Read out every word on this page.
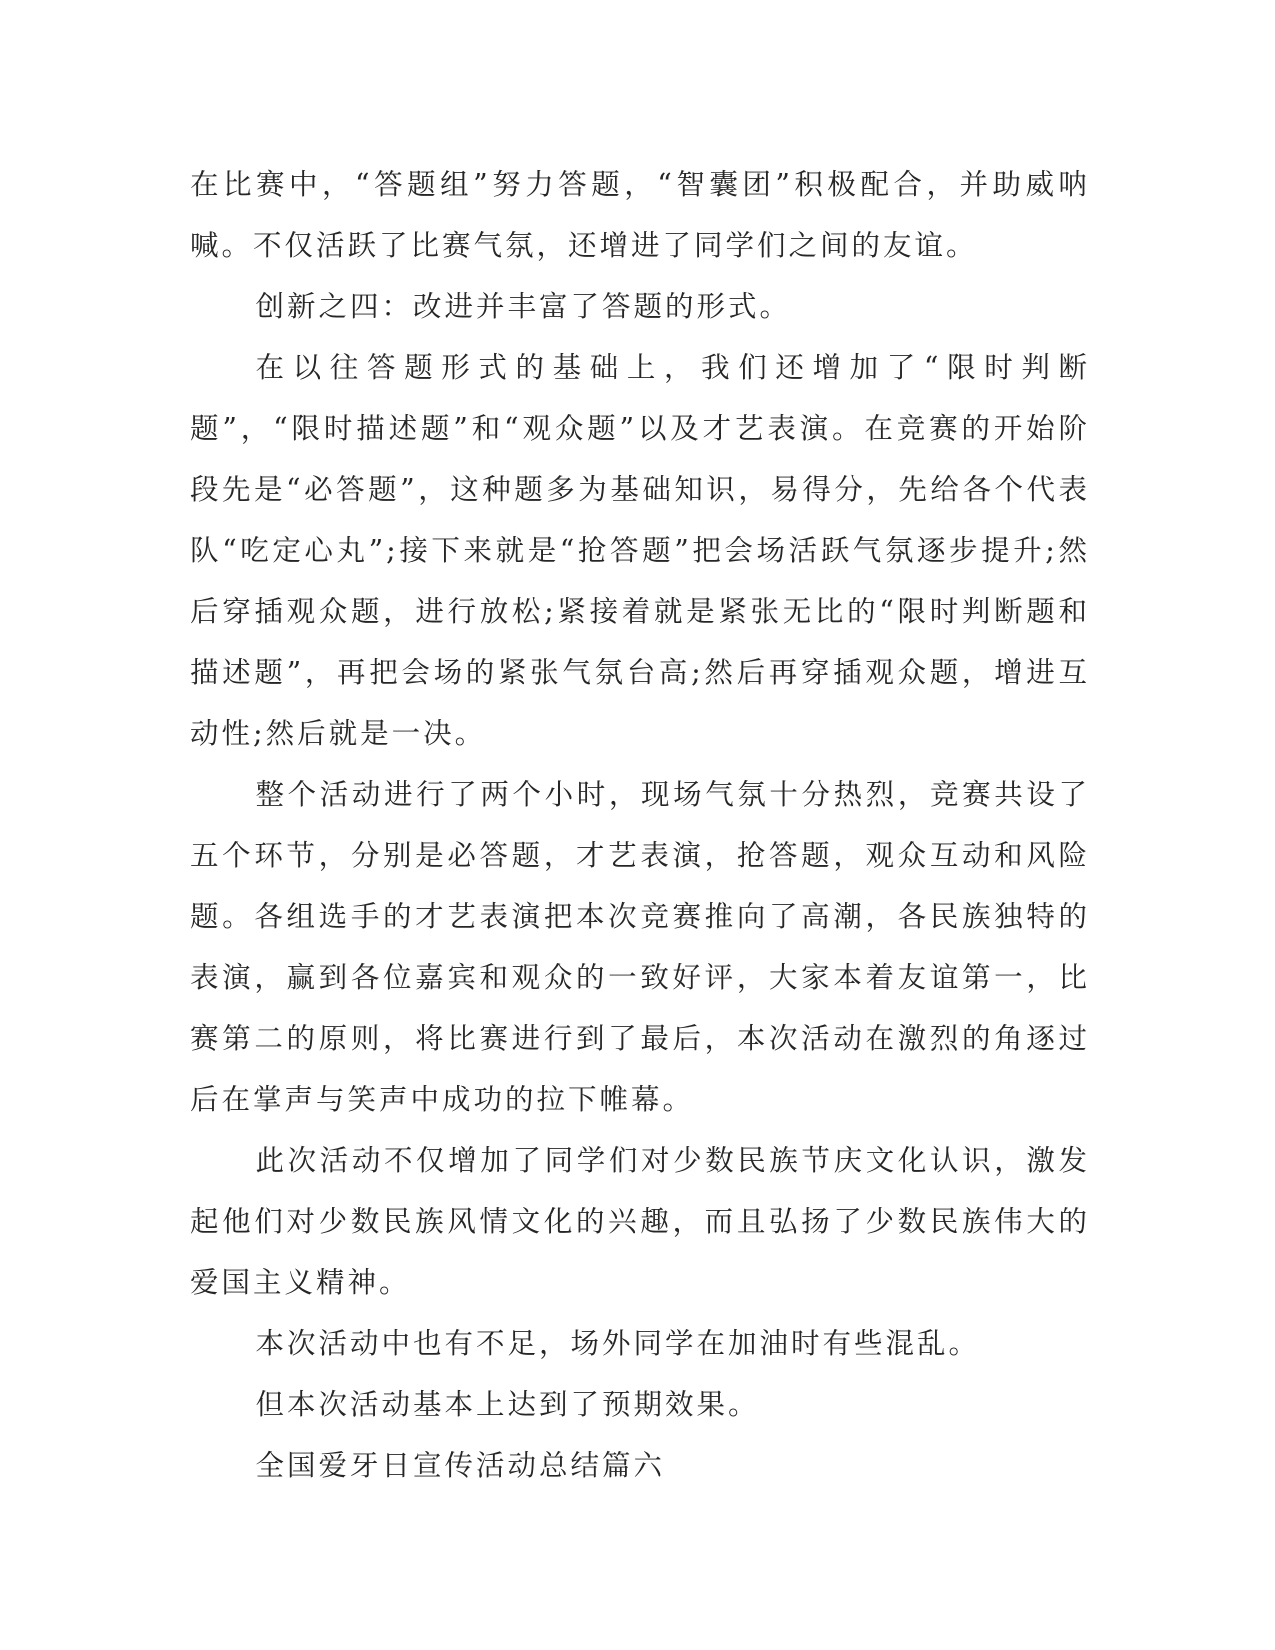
在比赛中，“答题组”努力答题，“智囊团”积极配合，并助威呐喊。不仅活跃了比赛气氛，还增进了同学们之间的友谊。

创新之四：改进并丰富了答题的形式。

在以往答题形式的基础上，我们还增加了“限时判断题”，“限时描述题”和“观众题”以及才艺表演。在竞赛的开始阶段先是“必答题”，这种题多为基础知识，易得分，先给各个代表队“吃定心丸”;接下来就是“抢答题”把会场活跃气氛逐步提升;然后穿插观众题，进行放松;紧接着就是紧张无比的“限时判断题和描述题”，再把会场的紧张气氛台高;然后再穿插观众题，增进互动性;然后就是一决。

整个活动进行了两个小时，现场气氛十分热烈，竞赛共设了五个环节，分别是必答题，才艺表演，抢答题，观众互动和风险题。各组选手的才艺表演把本次竞赛推向了高潮，各民族独特的表演，赢到各位嘉宾和观众的一致好评，大家本着友谊第一，比赛第二的原则，将比赛进行到了最后，本次活动在激烈的角逐过后在掌声与笑声中成功的拉下帷幕。

此次活动不仅增加了同学们对少数民族节庆文化认识，激发起他们对少数民族风情文化的兴趣，而且弘扬了少数民族伟大的爱国主义精神。

本次活动中也有不足，场外同学在加油时有些混乱。

但本次活动基本上达到了预期效果。

全国爱牙日宣传活动总结篇六
